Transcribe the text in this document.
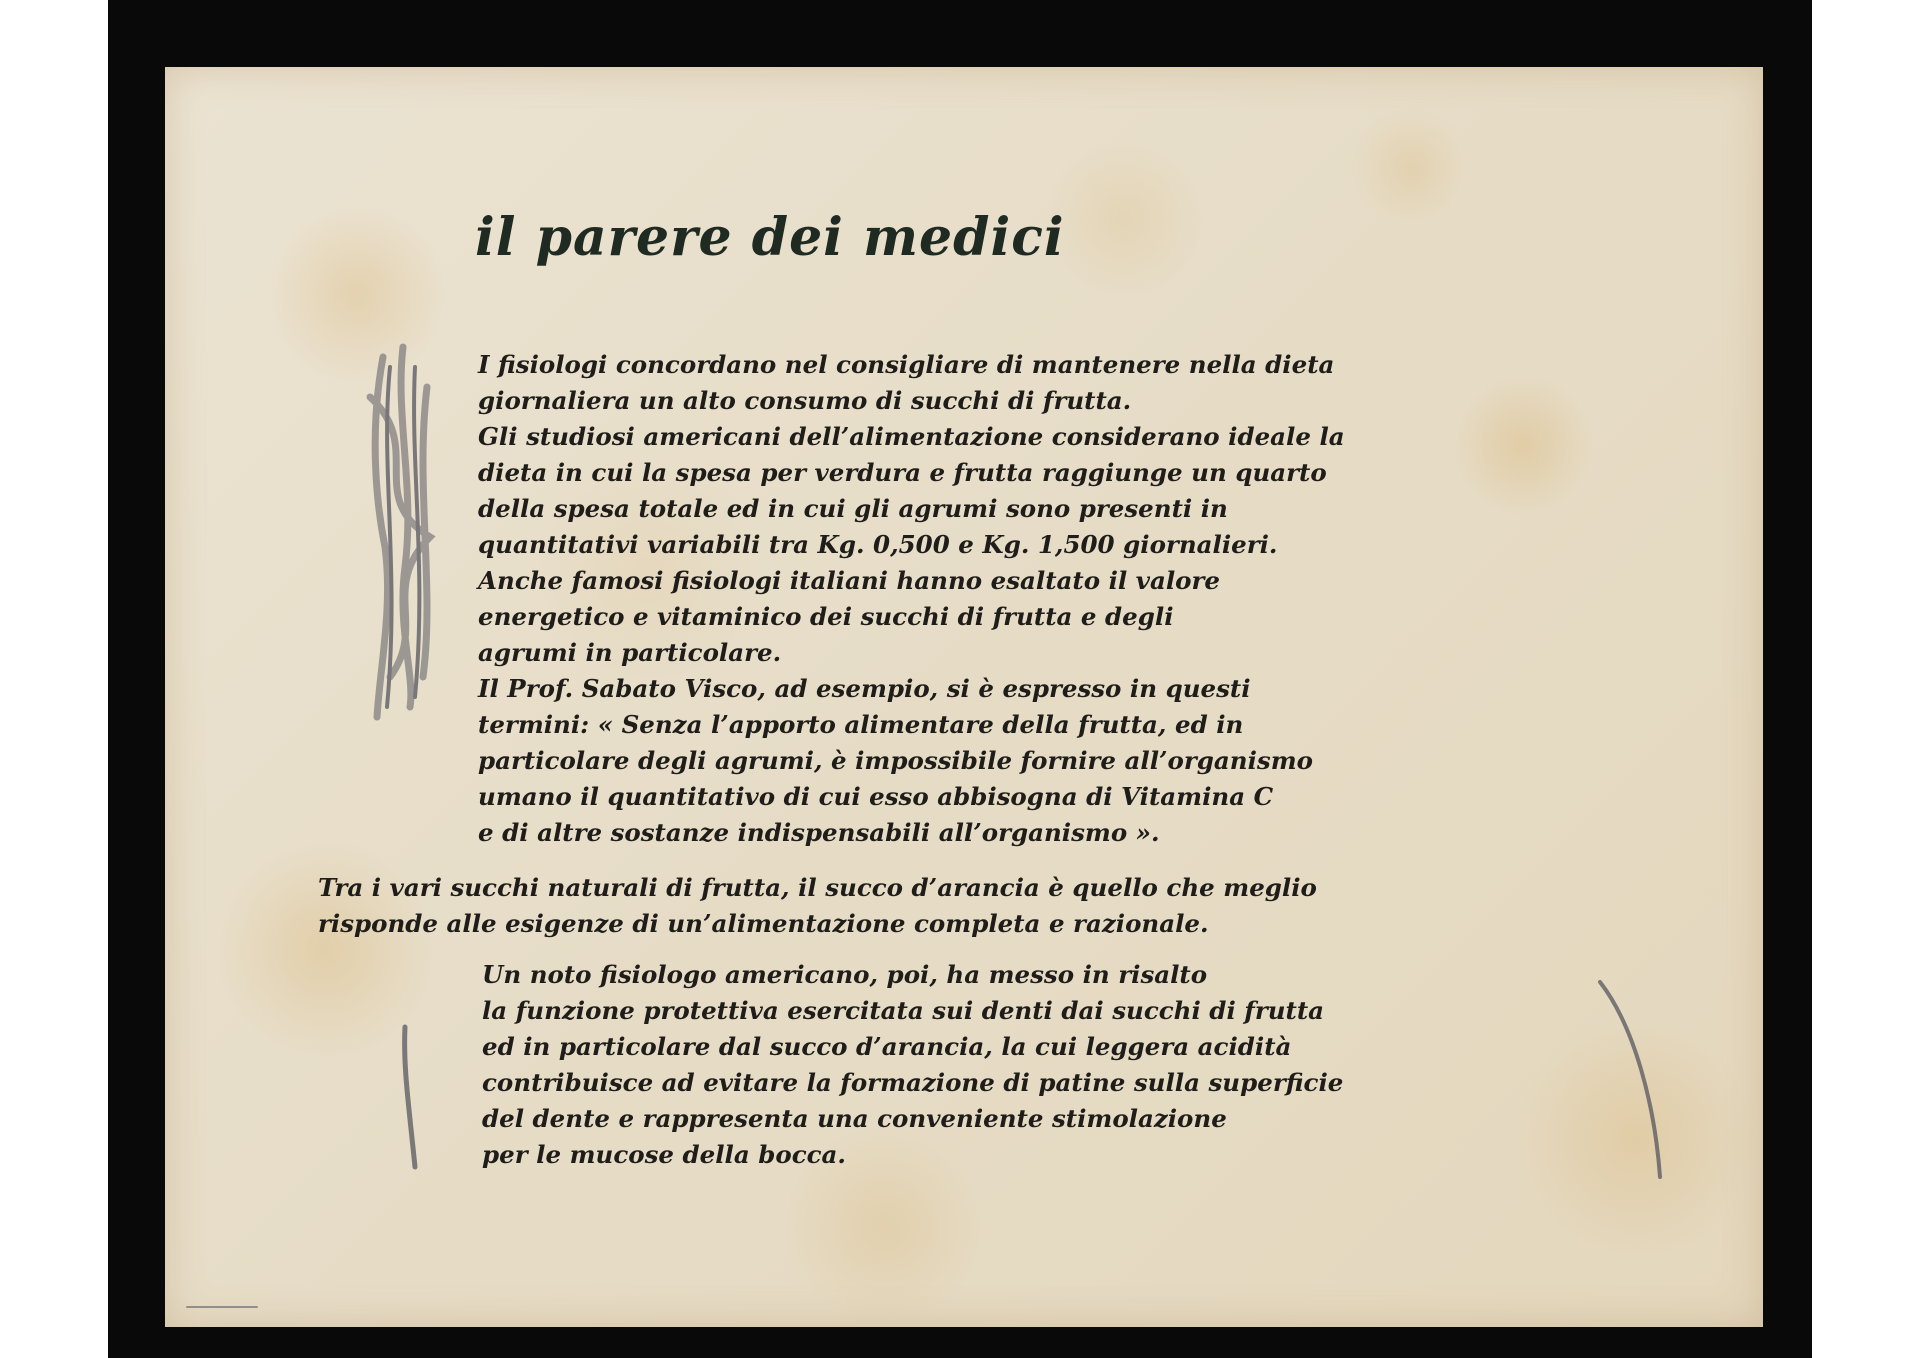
il parere dei medici
I fisiologi concordano nel consigliare di mantenere nella dieta
giornaliera un alto consumo di succhi di frutta.
Gli studiosi americani dell’alimentazione considerano ideale la
dieta in cui la spesa per verdura e frutta raggiunge un quarto
della spesa totale ed in cui gli agrumi sono presenti in
quantitativi variabili tra Kg. 0,500 e Kg. 1,500 giornalieri.
Anche famosi fisiologi italiani hanno esaltato il valore
energetico e vitaminico dei succhi di frutta e degli
agrumi in particolare.
Il Prof. Sabato Visco, ad esempio, si è espresso in questi
termini: « Senza l’apporto alimentare della frutta, ed in
particolare degli agrumi, è impossibile fornire all’organismo
umano il quantitativo di cui esso abbisogna di Vitamina C
e di altre sostanze indispensabili all’organismo ».
Tra i vari succhi naturali di frutta, il succo d’arancia è quello che meglio
risponde alle esigenze di un’alimentazione completa e razionale.
Un noto fisiologo americano, poi, ha messo in risalto
la funzione protettiva esercitata sui denti dai succhi di frutta
ed in particolare dal succo d’arancia, la cui leggera acidità
contribuisce ad evitare la formazione di patine sulla superficie
del dente e rappresenta una conveniente stimolazione
per le mucose della bocca.
